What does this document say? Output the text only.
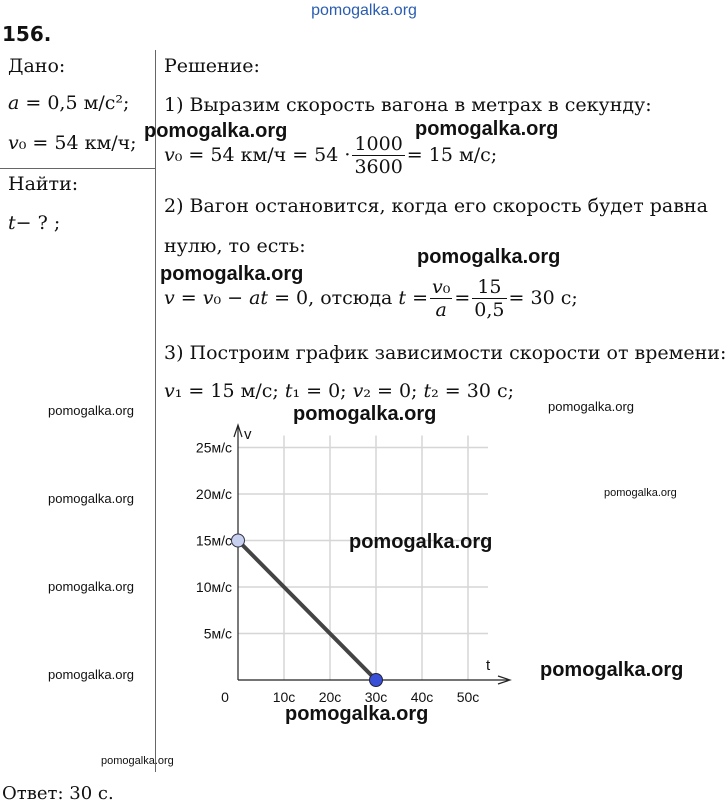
pomogalka.org
156.
Дано:
𝑎 = 0,5 м/с²;
𝑣₀ = 54 км/ч;
Найти:
𝑡− ? ;
Решение:
1) Выразим скорость вагона в метрах в секунду:
𝑣₀ = 54 $км/ч = 54 \cdot \frac{1000}{3600} = 15$ м/с;
2) Вагон остановится, когда его скорость будет равна
нулю, то есть:
𝑣 = 𝑣₀ − 𝑎𝑡 = 0, отсюда 𝑡 = $\frac{\text{𝑣₀}}{\text{𝑎}} = \frac{15}{0,5} = 30$ с;
3) Построим график зависимости скорости от времени:
𝑣₁ = 15 м/с; 𝑡₁ = 0; 𝑣₂ = 0; 𝑡₂ = 30 с;
v
t
5м/с
10м/с
15м/с
20м/с
25м/с
0	10с 20с 30с 40с 50с
pomogalka.org	pomogalka.org
pomogalka.org
pomogalka.org
pomogalka.org
pomogalka.org
pomogalka.org
pomogalka.org
pomogalka.org
pomogalka.org
pomogalka.org
pomogalka.org
pomogalka.org
pomogalka.org
pomogalka.org
Ответ: 30 с.
